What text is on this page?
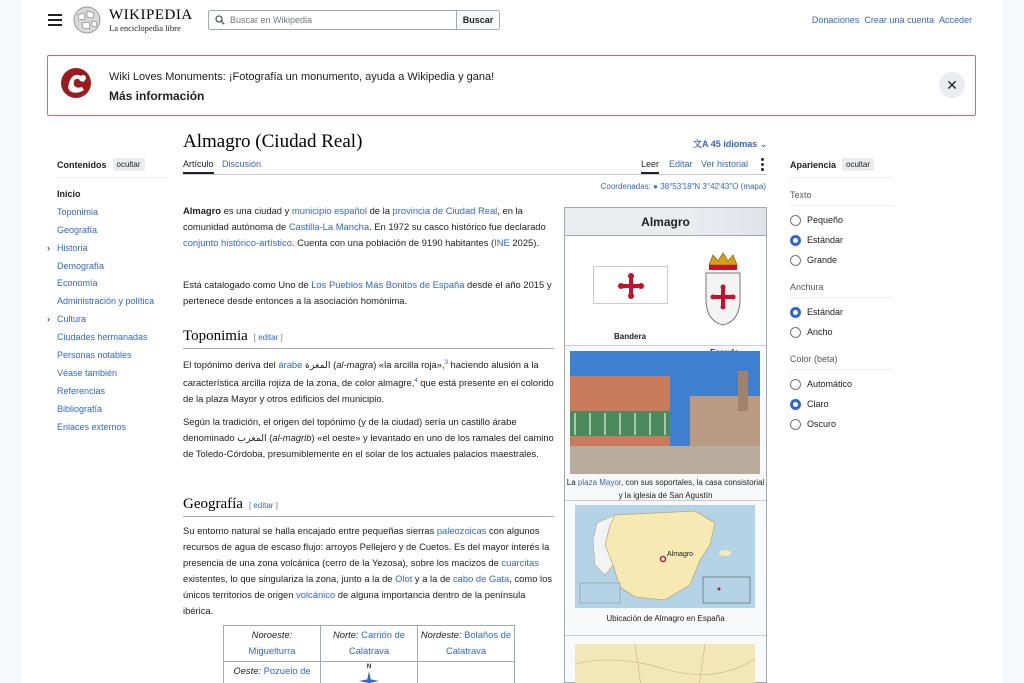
WIKIPEDIA
La enciclopedia libre
Buscar en Wikipedia	Buscar	Donaciones Crear una cuenta Acceder
Wiki Loves Monuments: ¡Fotografía un monumento, ayuda a Wikipedia y gana!
Más información
✕
Almagro (Ciudad Real)	文A 45 idiomas ⌄
Artículo Discusión	Leer Editar Ver historial
Coordenadas: ● 38°53′18″N 3°42′43″O (mapa)
Contenidos	ocultar
Inicio
Toponimia
Geografía
› Historia
Demografía
Economía
Administración y política
› Cultura
Ciudades hermanadas
Personas notables
Véase también
Referencias
Bibliografía
Enlaces externos

Almagro es una ciudad y municipio español de la provincia de Ciudad Real, en la comunidad autónoma de Castilla-La Mancha. En 1972 su casco histórico fue declarado conjunto histórico-artístico. Cuenta con una población de 9190 habitantes (INE 2025).

Está catalogado como Uno de Los Pueblos Más Bonitos de España desde el año 2015 y pertenece desde entonces a la asociación homónima.

Toponimia [ editar ]

El topónimo deriva del árabe المغرة (al-magra) «la arcilla roja»,$^3$ haciendo alusión a la característica arcilla rojiza de la zona, de color almagre,$^4$ que está presente en el colorido de la plaza Mayor y otros edificios del municipio.

Según la tradición, el origen del topónimo (y de la ciudad) sería un castillo árabe denominado المغرب (al-magrib) «el oeste» y levantado en uno de los ramales del camino de Toledo-Córdoba, presumiblemente en el solar de los actuales palacios maestrales.

Geografía [ editar ]

Su entorno natural se halla encajado entre pequeñas sierras paleozoicas con algunos recursos de agua de escaso flujo: arroyos Pellejero y de Cuetos. Es del mayor interés la presencia de una zona volcánica (cerro de la Yezosa), sobre los macizos de cuarcitas existentes, lo que singulariza la zona, junto a la de Olot y a la de cabo de Gata, como los únicos territorios de origen volcánico de alguna importancia dentro de la península ibérica.

Noroeste:
Miguelturra	Norte: Carrión de Calatrava	Nordeste: Bolaños de Calatrava
Oeste: Pozuelo de	N	

Almagro
Bandera
La plaza Mayor, con sus soportales, la casa consistorial y la iglesia de San Agustín
Almagro
Ubicación de Almagro en España
Apariencia	ocultar
Texto
Pequeño
Estándar
Grande
Anchura
Estándar
Ancho
Color (beta)
Automático
Claro
Oscuro
